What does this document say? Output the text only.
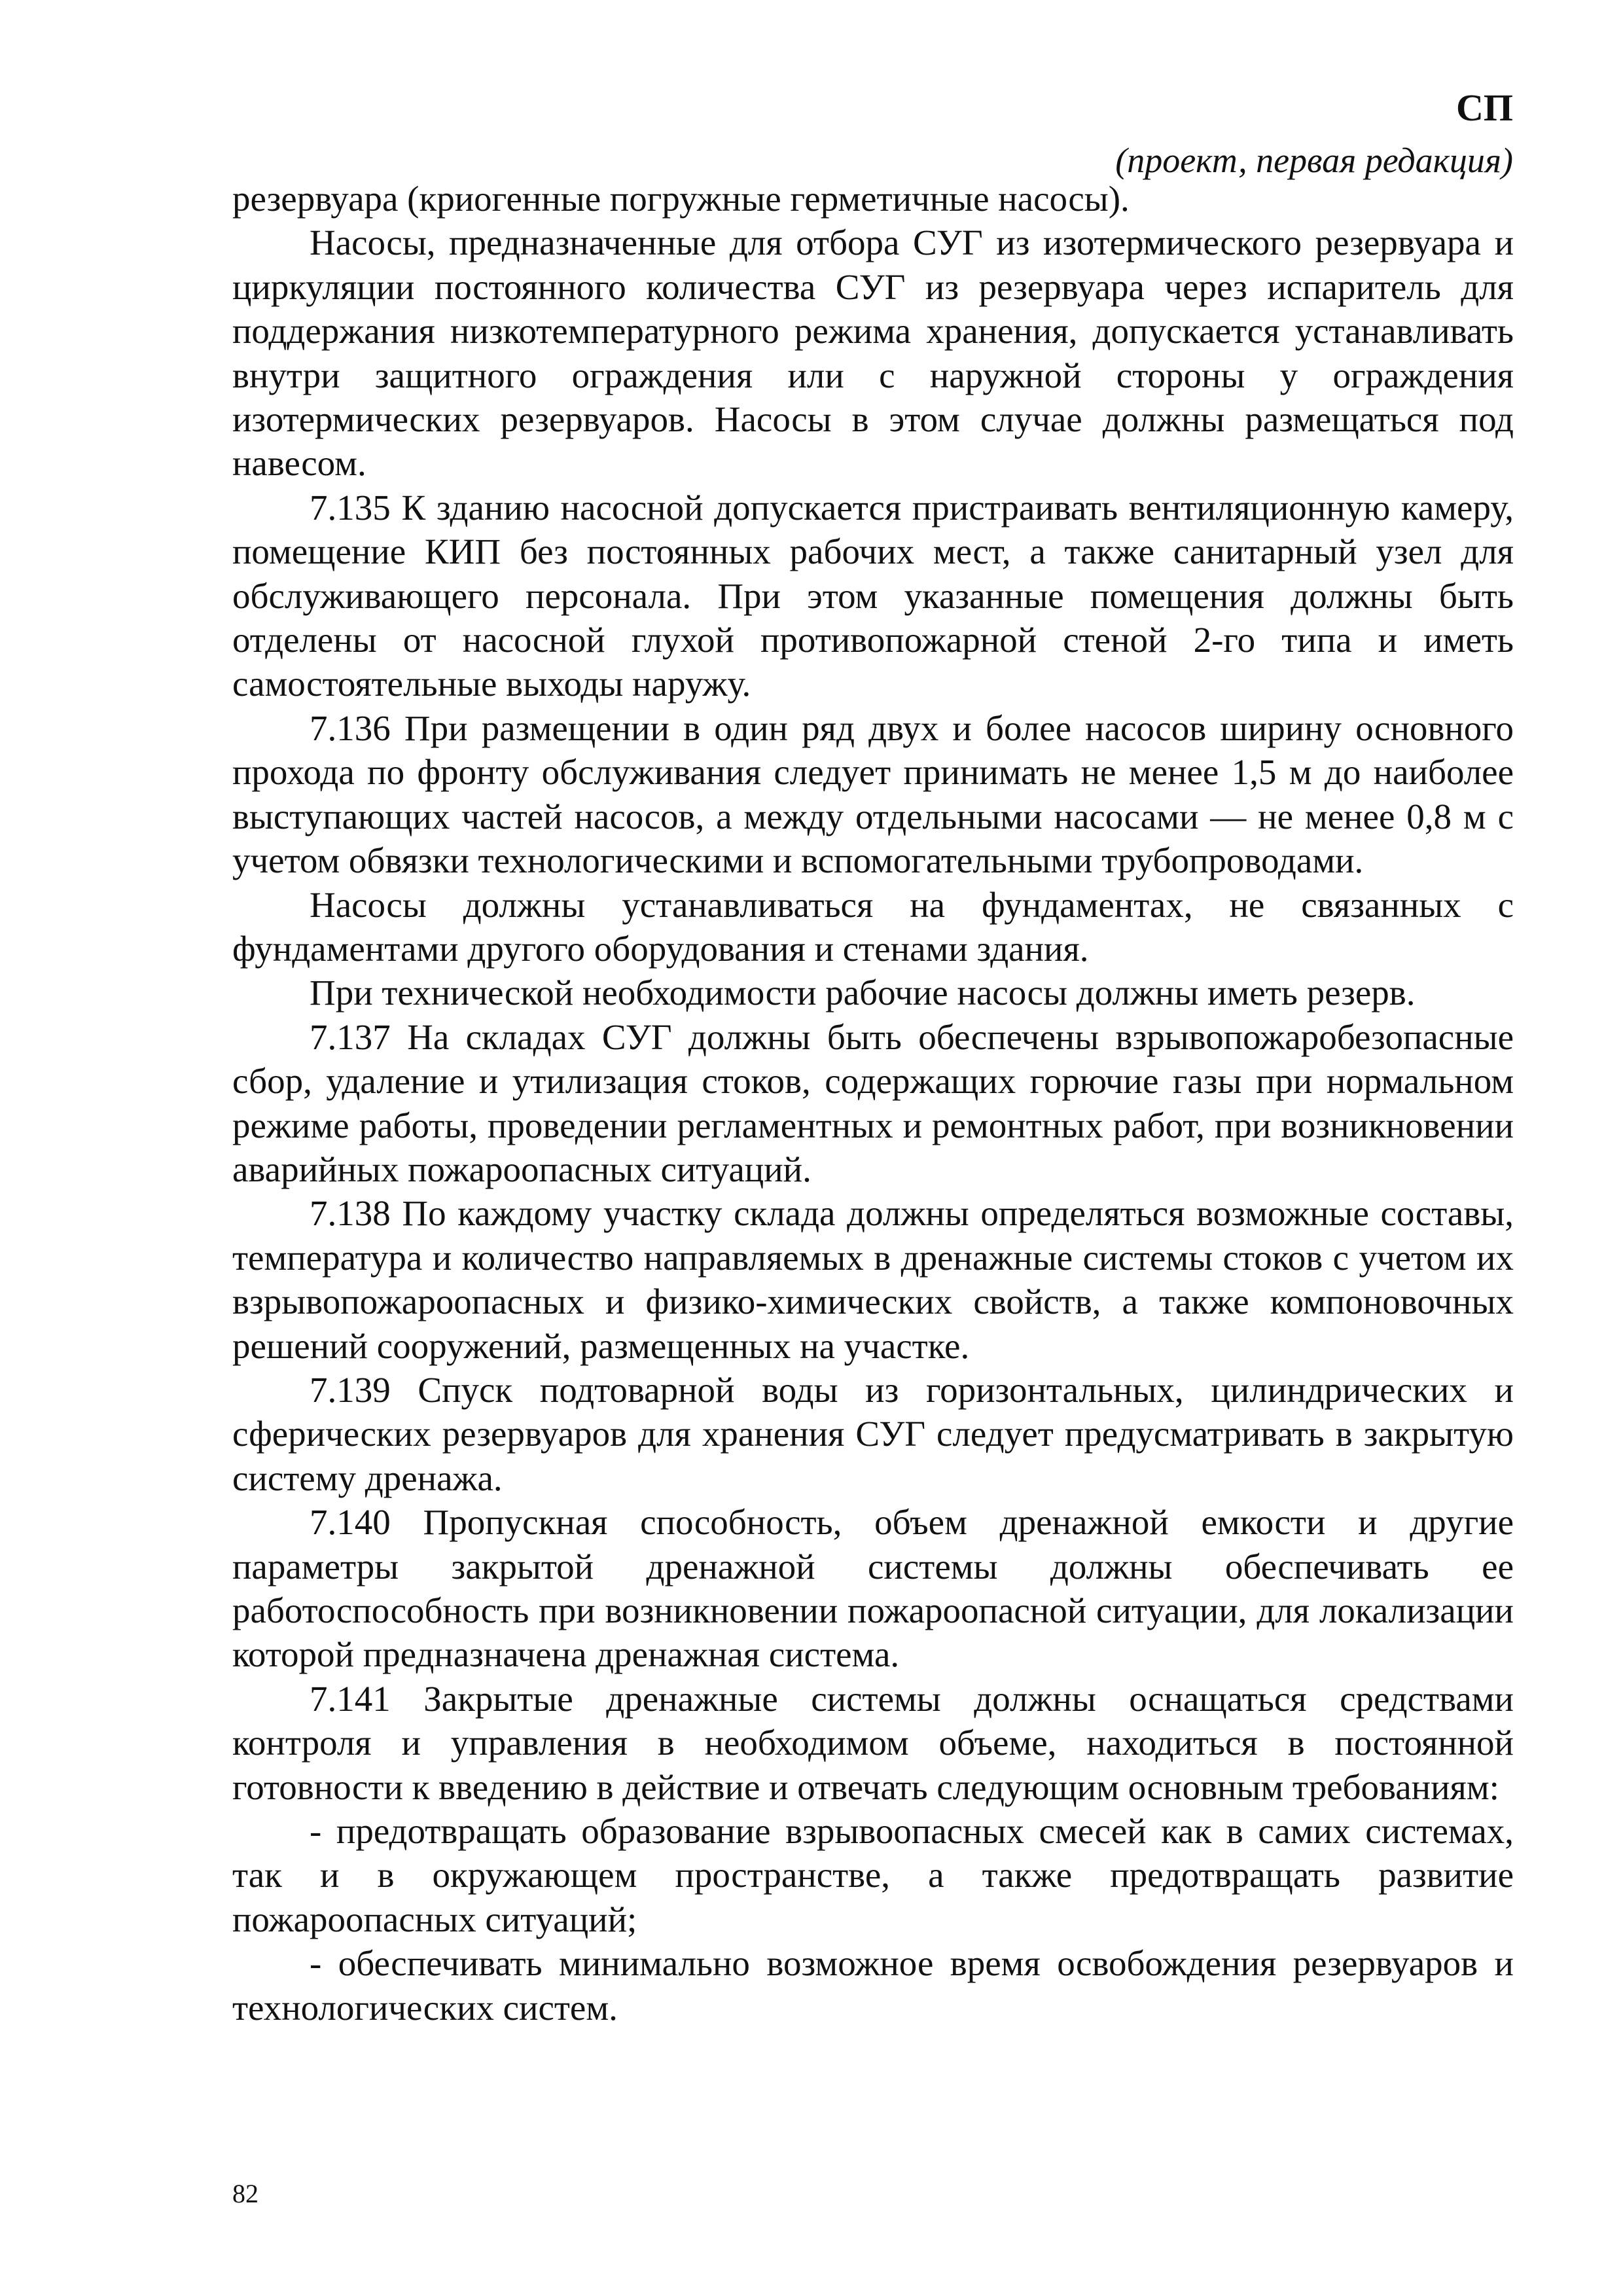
СП
(проект, первая редакция)

резервуара (криогенные погружные герметичные насосы).

Насосы, предназначенные для отбора СУГ из изотермического резервуара и циркуляции постоянного количества СУГ из резервуара через испаритель для поддержания низкотемпературного режима хранения, допускается устанавливать внутри защитного ограждения или с наружной стороны у ограждения изотермических резервуаров. Насосы в этом случае должны размещаться под навесом.

7.135 К зданию насосной допускается пристраивать вентиляционную камеру, помещение КИП без постоянных рабочих мест, а также санитарный узел для обслуживающего персонала. При этом указанные помещения должны быть отделены от насосной глухой противопожарной стеной 2-го типа и иметь самостоятельные выходы наружу.

7.136 При размещении в один ряд двух и более насосов ширину основного прохода по фронту обслуживания следует принимать не менее 1,5 м до наиболее выступающих частей насосов, а между отдельными насосами — не менее 0,8 м с учетом обвязки технологическими и вспомогательными трубопроводами.

Насосы должны устанавливаться на фундаментах, не связанных с фундаментами другого оборудования и стенами здания.

При технической необходимости рабочие насосы должны иметь резерв.

7.137 На складах СУГ должны быть обеспечены взрывопожаробезопасные сбор, удаление и утилизация стоков, содержащих горючие газы при нормальном режиме работы, проведении регламентных и ремонтных работ, при возникновении аварийных пожароопасных ситуаций.

7.138 По каждому участку склада должны определяться возможные составы, температура и количество направляемых в дренажные системы стоков с учетом их взрывопожароопасных и физико-химических свойств, а также компоновочных решений сооружений, размещенных на участке.

7.139 Спуск подтоварной воды из горизонтальных, цилиндрических и сферических резервуаров для хранения СУГ следует предусматривать в закрытую систему дренажа.

7.140 Пропускная способность, объем дренажной емкости и другие параметры закрытой дренажной системы должны обеспечивать ее работоспособность при возникновении пожароопасной ситуации, для локализации которой предназначена дренажная система.

7.141 Закрытые дренажные системы должны оснащаться средствами контроля и управления в необходимом объеме, находиться в постоянной готовности к введению в действие и отвечать следующим основным требованиям:

- предотвращать образование взрывоопасных смесей как в самих системах, так и в окружающем пространстве, а также предотвращать развитие пожароопасных ситуаций;

- обеспечивать минимально возможное время освобождения резервуаров и технологических систем.

82
